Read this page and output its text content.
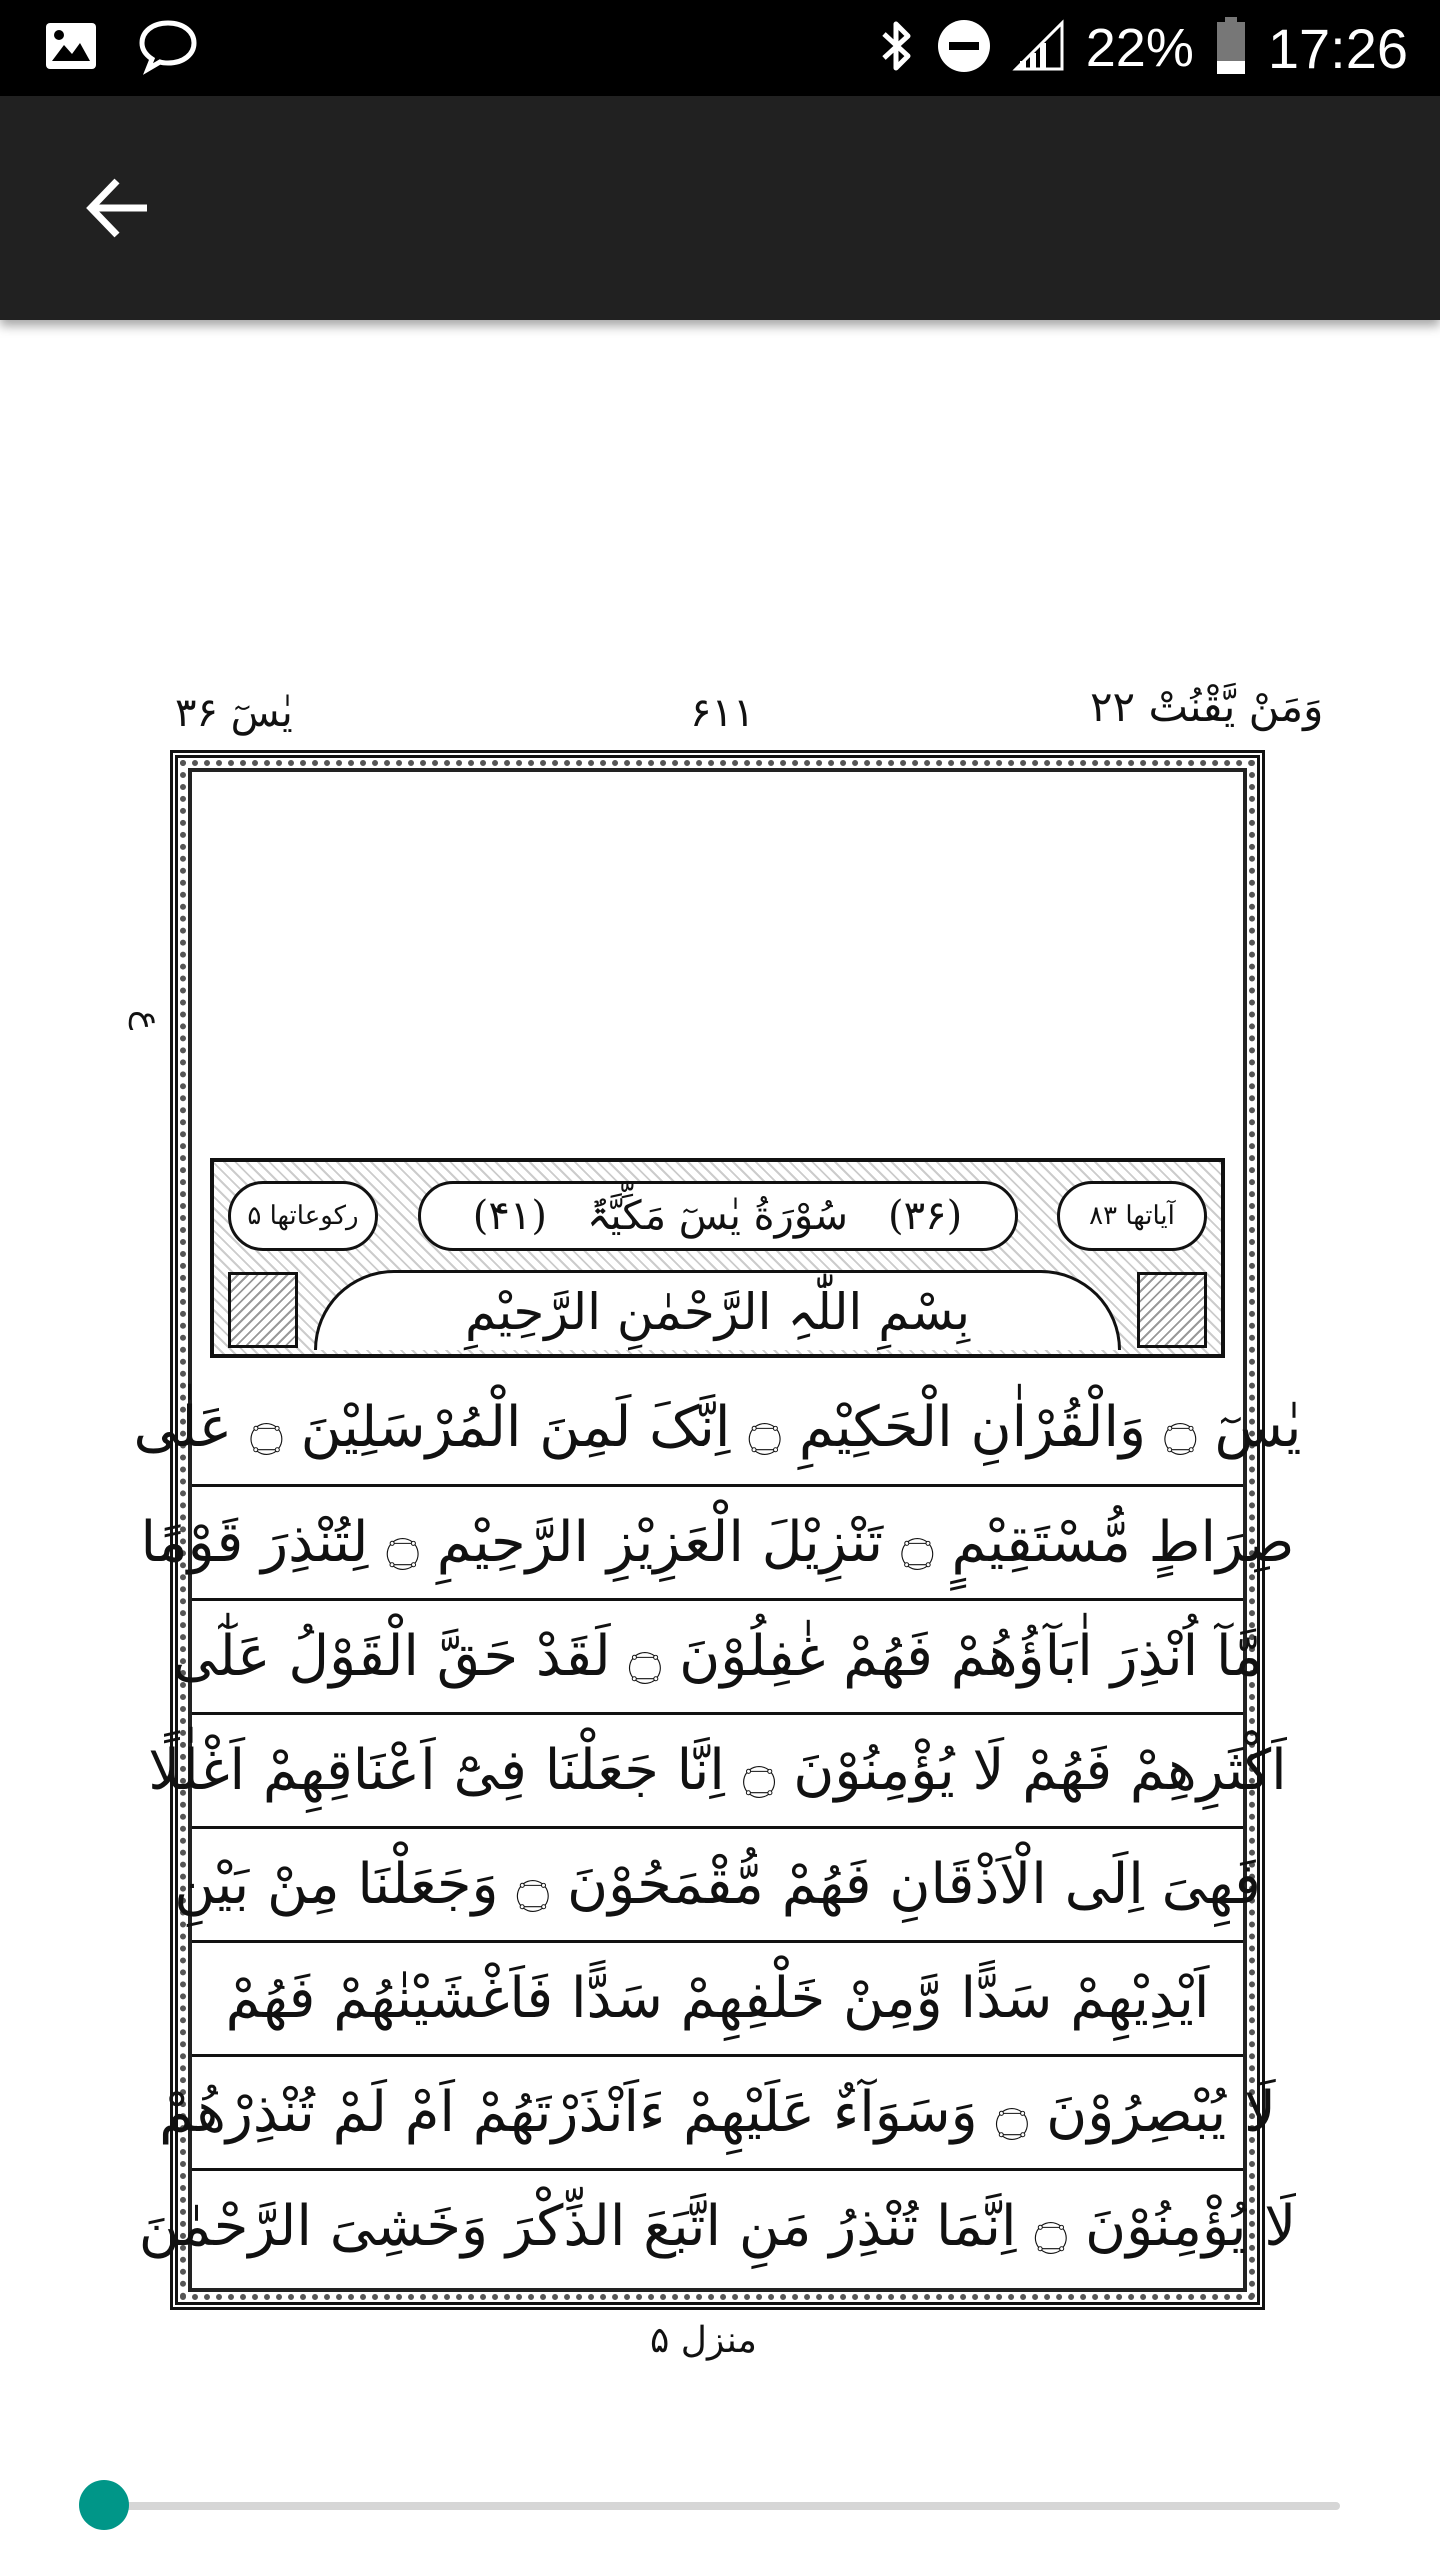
22% 17:26
یٰسٓ ۳۶	۶۱۱	وَمَنْ یَّقْنُتْ ۲۲
ع
رکوعاتھا ۵	(۳۶)
سُوْرَةُ یٰسٓ مَکِّیَّۃٌ
(۴۱)	آیاتھا ۸۳
بِسْمِ اللّٰہِ الرَّحْمٰنِ الرَّحِیْمِ
یٰسٓ ۝ وَالْقُرْاٰنِ الْحَکِیْمِ ۝ اِنَّکَ لَمِنَ الْمُرْسَلِیْنَ ۝ عَلٰی
صِرَاطٍ مُّسْتَقِیْمٍ ۝ تَنْزِیْلَ الْعَزِیْزِ الرَّحِیْمِ ۝ لِتُنْذِرَ قَوْمًا
مَّآ اُنْذِرَ اٰبَآؤُھُمْ فَھُمْ غٰفِلُوْنَ ۝ لَقَدْ حَقَّ الْقَوْلُ عَلٰٓی
اَکْثَرِھِمْ فَھُمْ لَا یُؤْمِنُوْنَ ۝ اِنَّا جَعَلْنَا فِیْٓ اَعْنَاقِھِمْ اَغْلٰلًا
فَھِیَ اِلَی الْاَذْقَانِ فَھُمْ مُّقْمَحُوْنَ ۝ وَجَعَلْنَا مِنْ بَیْنِ
اَیْدِیْھِمْ سَدًّا وَّمِنْ خَلْفِھِمْ سَدًّا فَاَغْشَیْنٰھُمْ فَھُمْ
لَا یُبْصِرُوْنَ ۝ وَسَوَآءٌ عَلَیْھِمْ ءَاَنْذَرْتَھُمْ اَمْ لَمْ تُنْذِرْھُمْ
لَا یُؤْمِنُوْنَ ۝ اِنَّمَا تُنْذِرُ مَنِ اتَّبَعَ الذِّکْرَ وَخَشِیَ الرَّحْمٰنَ
منزل ۵
